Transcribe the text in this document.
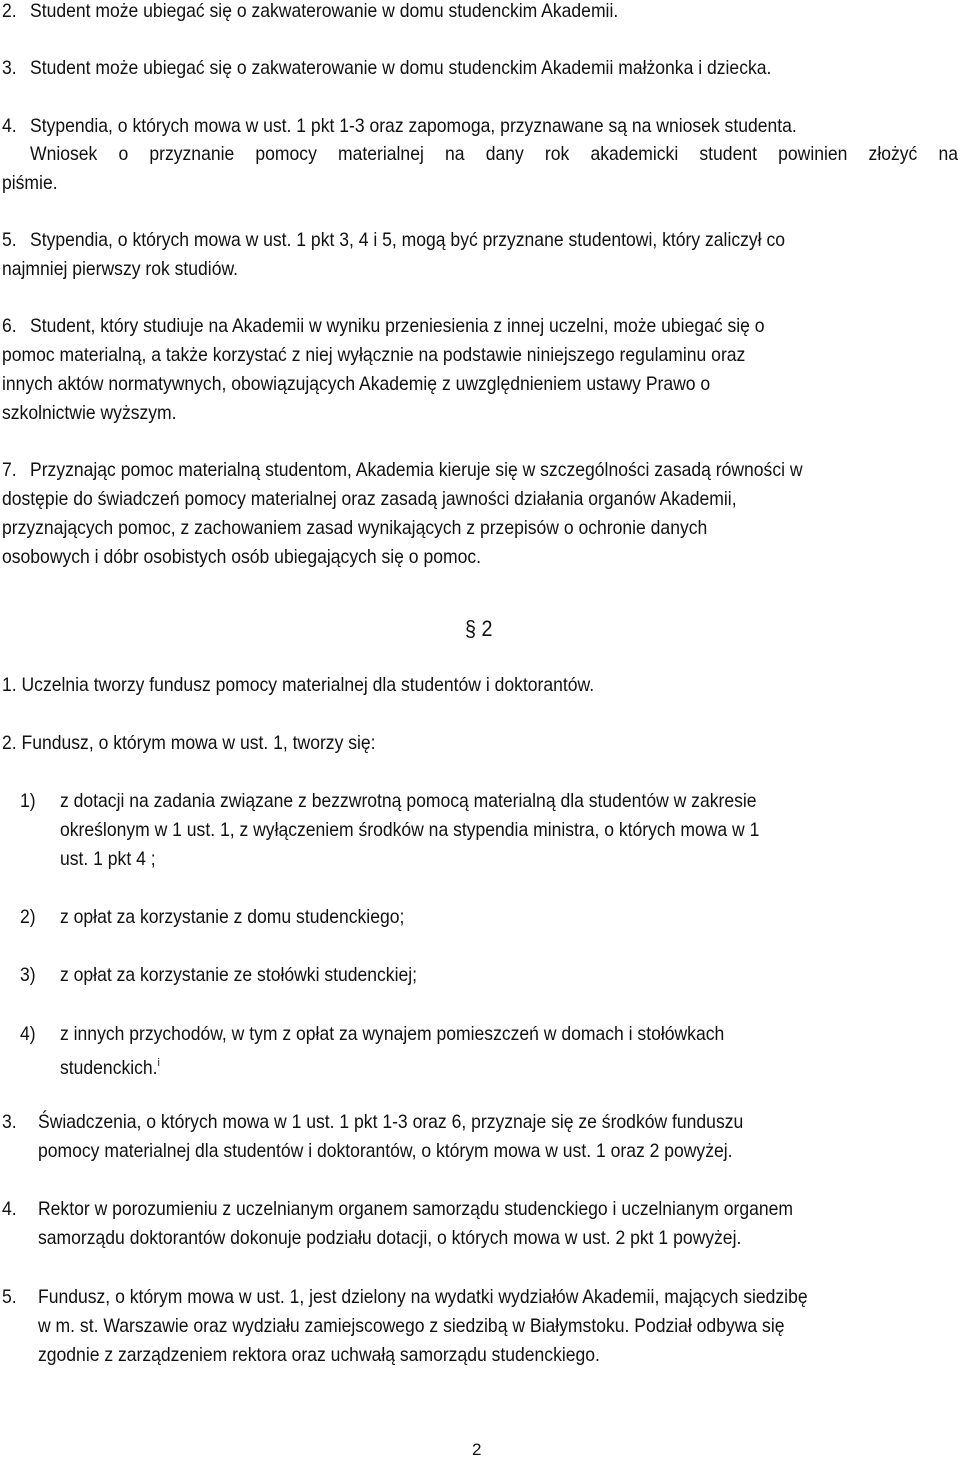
2. Student może ubiegać się o zakwaterowanie w domu studenckim Akademii.
3. Student może ubiegać się o zakwaterowanie w domu studenckim Akademii małżonka i dziecka.
4. Stypendia, o których mowa w ust. 1 pkt 1-3 oraz zapomoga, przyznawane są na wniosek studenta.
Wniosek o przyznanie pomocy materialnej na dany rok akademicki student powinien złożyć na
piśmie.
5. Stypendia, o których mowa w ust. 1 pkt 3, 4 i 5, mogą być przyznane studentowi, który zaliczył co
najmniej pierwszy rok studiów.
6. Student, który studiuje na Akademii w wyniku przeniesienia z innej uczelni, może ubiegać się o
pomoc materialną, a także korzystać z niej wyłącznie na podstawie niniejszego regulaminu oraz
innych aktów normatywnych, obowiązujących Akademię z uwzględnieniem ustawy Prawo o
szkolnictwie wyższym.
7. Przyznając pomoc materialną studentom, Akademia kieruje się w szczególności zasadą równości w
dostępie do świadczeń pomocy materialnej oraz zasadą jawności działania organów Akademii,
przyznających pomoc, z zachowaniem zasad wynikających z przepisów o ochronie danych
osobowych i dóbr osobistych osób ubiegających się o pomoc.
§ 2
1. Uczelnia tworzy fundusz pomocy materialnej dla studentów i doktorantów.
2. Fundusz, o którym mowa w ust. 1, tworzy się:
1) z dotacji na zadania związane z bezzwrotną pomocą materialną dla studentów w zakresie
określonym w 1 ust. 1, z wyłączeniem środków na stypendia ministra, o których mowa w 1
ust. 1 pkt 4 ;
2) z opłat za korzystanie z domu studenckiego;
3) z opłat za korzystanie ze stołówki studenckiej;
4) z innych przychodów, w tym z opłat za wynajem pomieszczeń w domach i stołówkach
studenckich.$^i$
3. Świadczenia, o których mowa w 1 ust. 1 pkt 1-3 oraz 6, przyznaje się ze środków funduszu
pomocy materialnej dla studentów i doktorantów, o którym mowa w ust. 1 oraz 2 powyżej.
4. Rektor w porozumieniu z uczelnianym organem samorządu studenckiego i uczelnianym organem
samorządu doktorantów dokonuje podziału dotacji, o których mowa w ust. 2 pkt 1 powyżej.
5. Fundusz, o którym mowa w ust. 1, jest dzielony na wydatki wydziałów Akademii, mających siedzibę
w m. st. Warszawie oraz wydziału zamiejscowego z siedzibą w Białymstoku. Podział odbywa się
zgodnie z zarządzeniem rektora oraz uchwałą samorządu studenckiego.
2
